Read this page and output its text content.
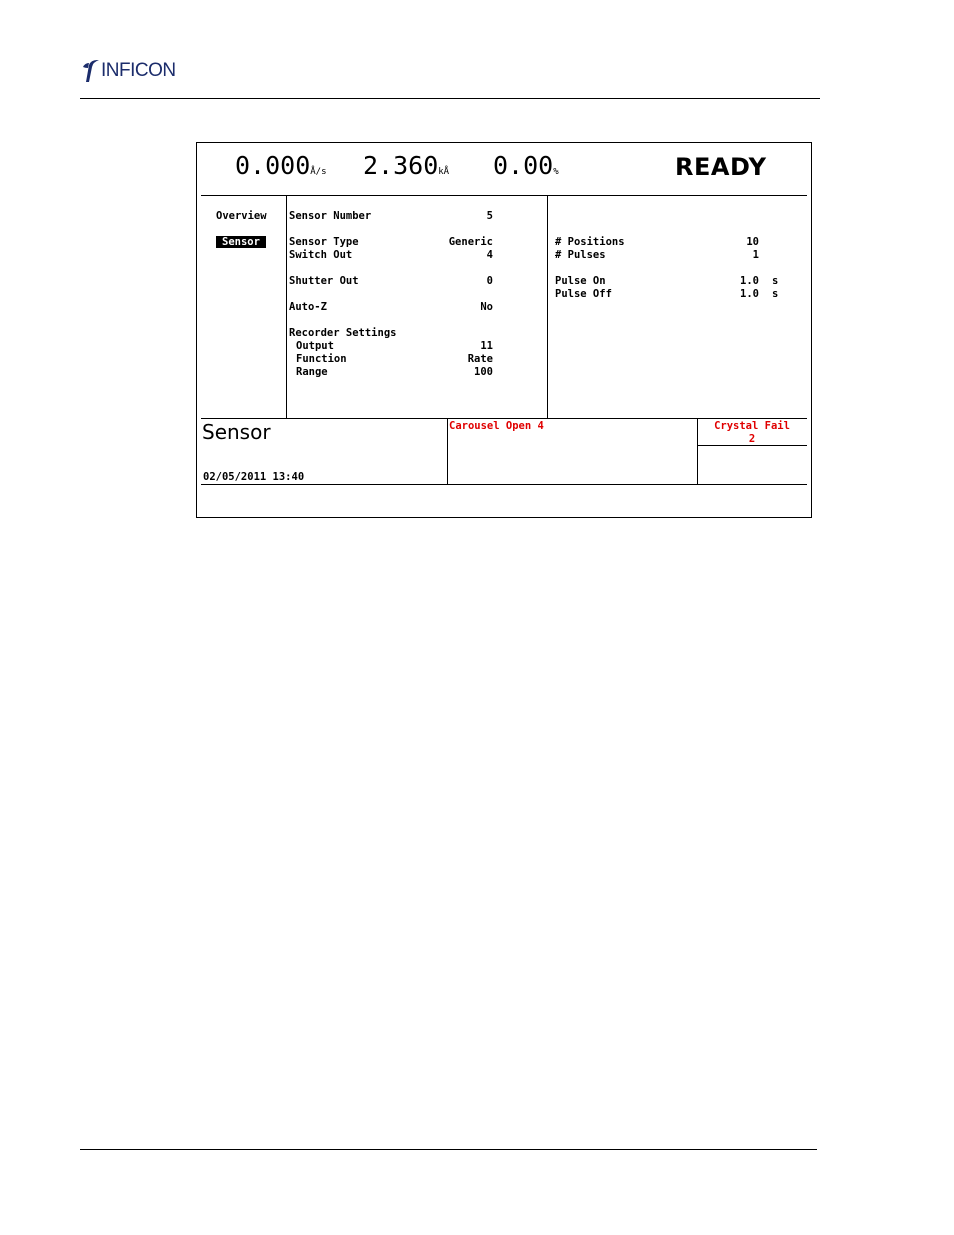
INFICON
0.000Å/s 2.360kÅ 0.00%	READY
Overview
Sensor
Sensor Number	5
Sensor Type	Generic
Switch Out	4
Shutter Out	0
Auto-Z	No
Recorder Settings
Output	11
Function	Rate
Range	100
# Positions	10
# Pulses	1
Pulse On	1.0 s
Pulse Off	1.0 s
Sensor
02/05/2011 13:40
Carousel Open 4	Crystal Fail
2
